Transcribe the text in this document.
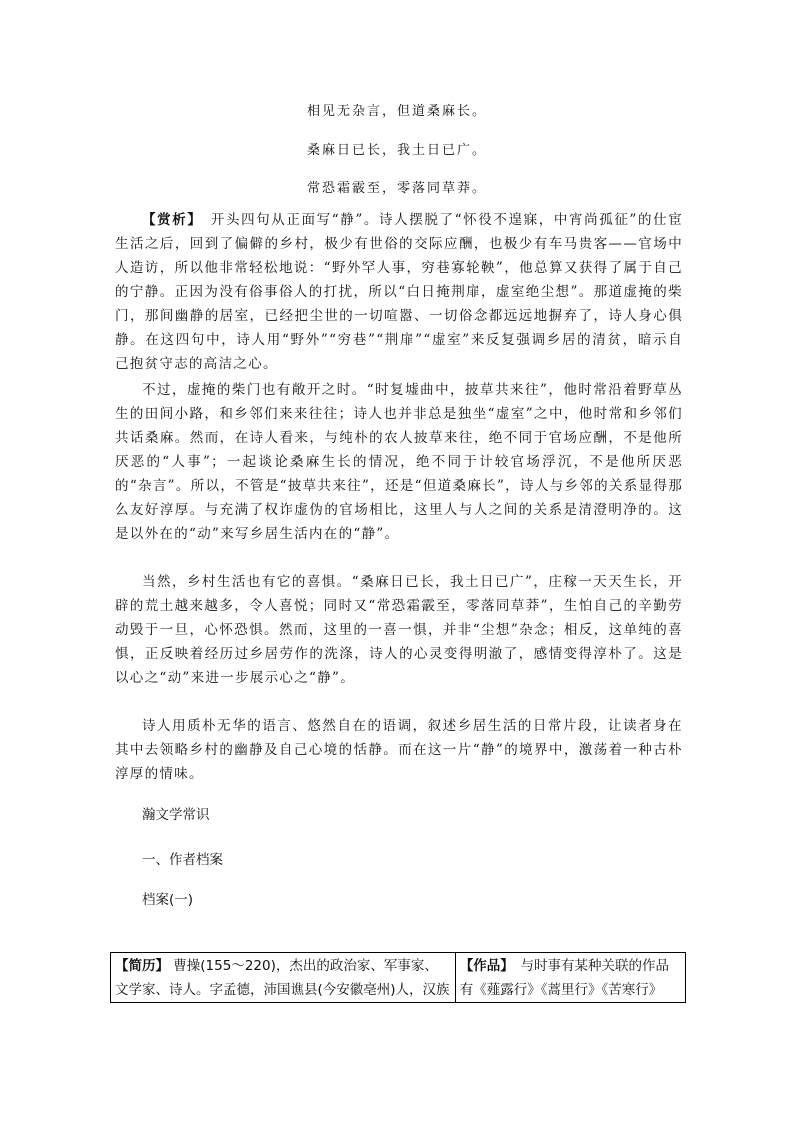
相见无杂言，但道桑麻长。
桑麻日已长，我土日已广。
常恐霜霰至，零落同草莽。

【赏析】　开头四句从正面写“静”。诗人摆脱了“怀役不遑寐，中宵尚孤征”的仕宦生活之后，回到了偏僻的乡村，极少有世俗的交际应酬，也极少有车马贵客——官场中人造访，所以他非常轻松地说：“野外罕人事，穷巷寡轮鞅”，他总算又获得了属于自己的宁静。正因为没有俗事俗人的打扰，所以“白日掩荆扉，虚室绝尘想”。那道虚掩的柴门，那间幽静的居室，已经把尘世的一切喧嚣、一切俗念都远远地摒弃了，诗人身心俱静。在这四句中，诗人用“野外”“穷巷”“荆扉”“虚室”来反复强调乡居的清贫，暗示自己抱贫守志的高洁之心。

不过，虚掩的柴门也有敞开之时。“时复墟曲中，披草共来往”，他时常沿着野草丛生的田间小路，和乡邻们来来往往；诗人也并非总是独坐“虚室”之中，他时常和乡邻们共话桑麻。然而，在诗人看来，与纯朴的农人披草来往，绝不同于官场应酬，不是他所厌恶的“人事”；一起谈论桑麻生长的情况，绝不同于计较官场浮沉，不是他所厌恶的“杂言”。所以，不管是“披草共来往”，还是“但道桑麻长”，诗人与乡邻的关系显得那么友好淳厚。与充满了权诈虚伪的官场相比，这里人与人之间的关系是清澄明净的。这是以外在的“动”来写乡居生活内在的“静”。

当然，乡村生活也有它的喜惧。“桑麻日已长，我土日已广”，庄稼一天天生长，开辟的荒土越来越多，令人喜悦；同时又“常恐霜霰至，零落同草莽”，生怕自己的辛勤劳动毁于一旦，心怀恐惧。然而，这里的一喜一惧，并非“尘想”杂念；相反，这单纯的喜惧，正反映着经历过乡居劳作的洗涤，诗人的心灵变得明澈了，感情变得淳朴了。这是以心之“动”来进一步展示心之“静”。

诗人用质朴无华的语言、悠然自在的语调，叙述乡居生活的日常片段，让读者身在其中去领略乡村的幽静及自己心境的恬静。而在这一片“静”的境界中，激荡着一种古朴淳厚的情味。

瀚文学常识
一、作者档案
档案(一)
【简历】 曹操(155～220)，杰出的政治家、军事家、文学家、诗人。字孟德，沛国谯县(今安徽亳州)人，汉族	【作品】　与时事有某种关联的作品有《薤露行》《蒿里行》《苦寒行》
